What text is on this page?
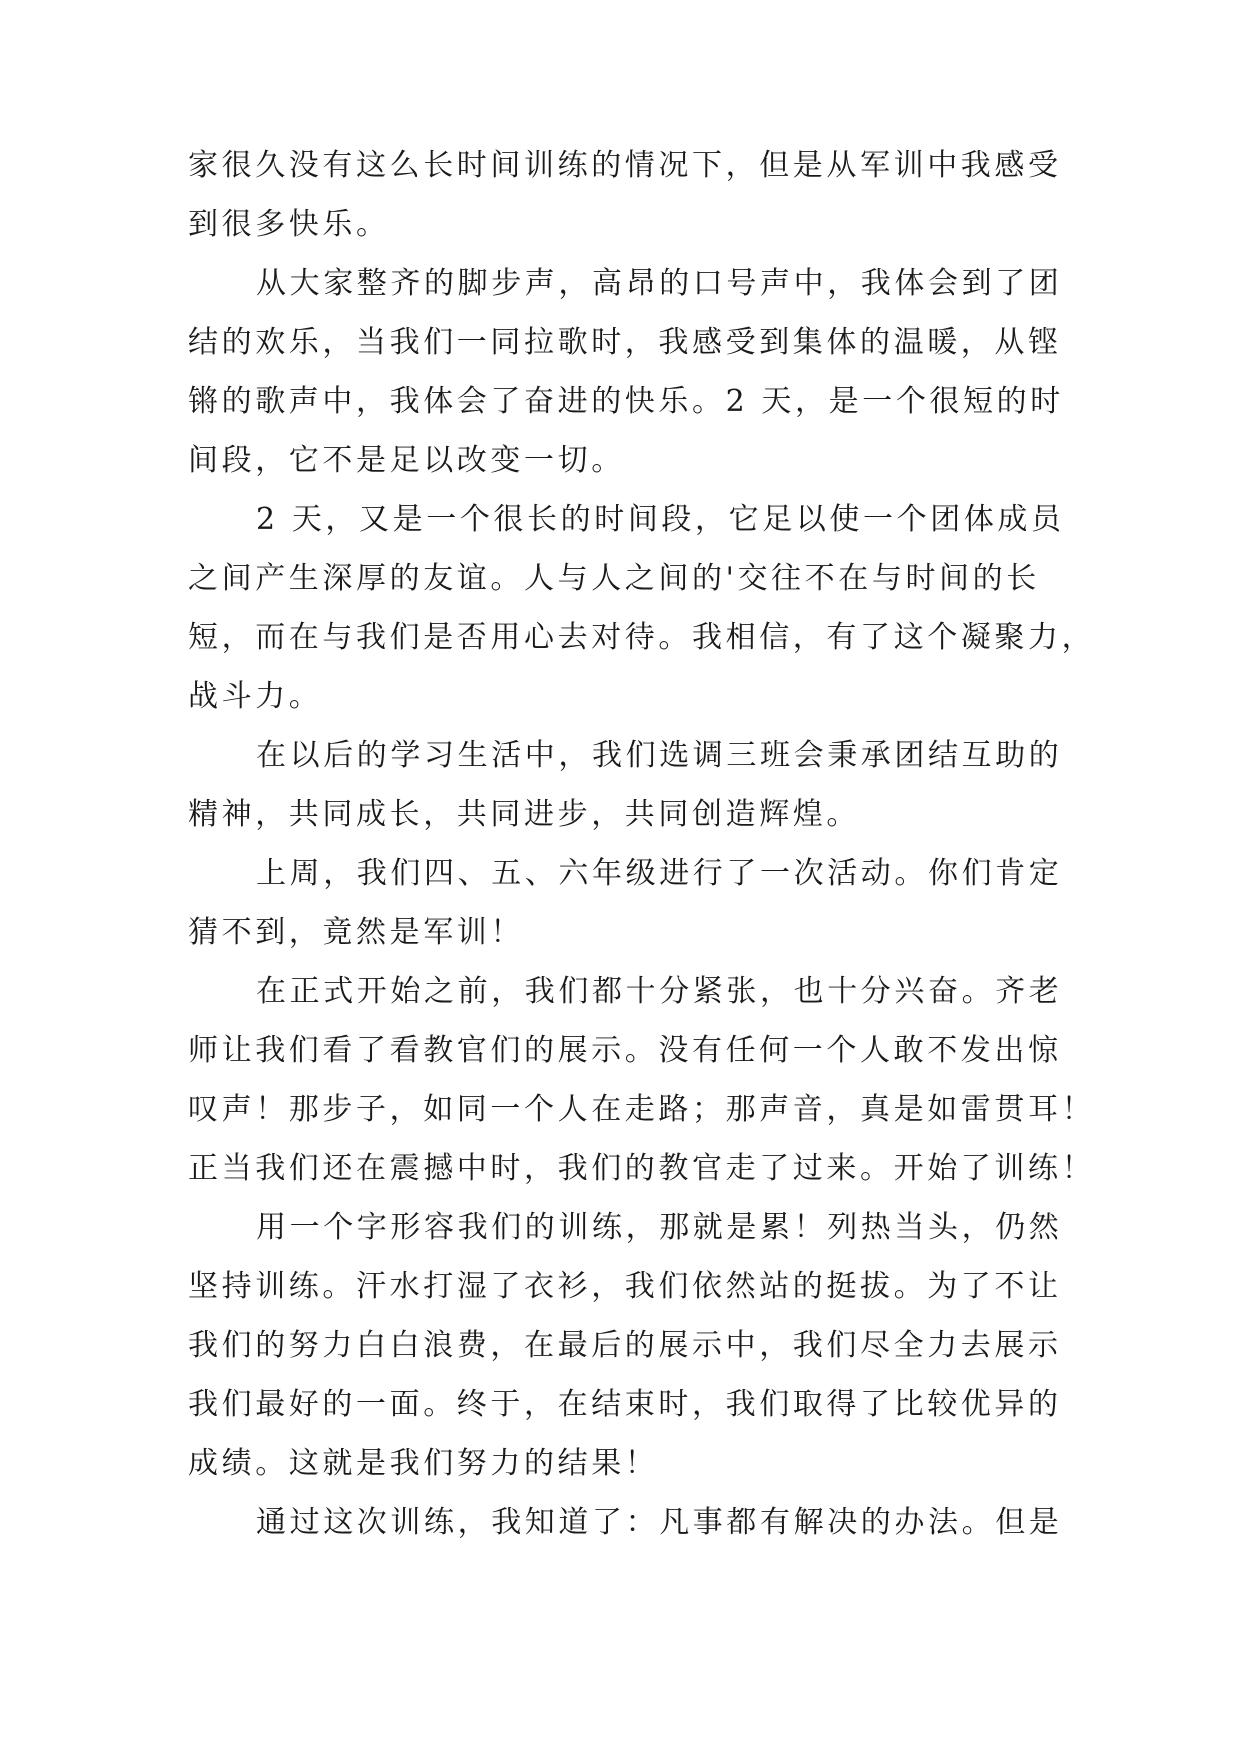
家很久没有这么长时间训练的情况下，但是从军训中我感受
到很多快乐。

从大家整齐的脚步声，高昂的口号声中，我体会到了团
结的欢乐，当我们一同拉歌时，我感受到集体的温暖，从铿
锵的歌声中，我体会了奋进的快乐。2 天，是一个很短的时
间段，它不是足以改变一切。

2 天，又是一个很长的时间段，它足以使一个团体成员
之间产生深厚的友谊。人与人之间的'交往不在与时间的长
短，而在与我们是否用心去对待。我相信，有了这个凝聚力，
战斗力。

在以后的学习生活中，我们选调三班会秉承团结互助的
精神，共同成长，共同进步，共同创造辉煌。

上周，我们四、五、六年级进行了一次活动。你们肯定
猜不到，竟然是军训！

在正式开始之前，我们都十分紧张，也十分兴奋。齐老
师让我们看了看教官们的展示。没有任何一个人敢不发出惊
叹声！那步子，如同一个人在走路；那声音，真是如雷贯耳！
正当我们还在震撼中时，我们的教官走了过来。开始了训练！

用一个字形容我们的训练，那就是累！列热当头，仍然
坚持训练。汗水打湿了衣衫，我们依然站的挺拔。为了不让
我们的努力白白浪费，在最后的展示中，我们尽全力去展示
我们最好的一面。终于，在结束时，我们取得了比较优异的
成绩。这就是我们努力的结果！

通过这次训练，我知道了：凡事都有解决的办法。但是
